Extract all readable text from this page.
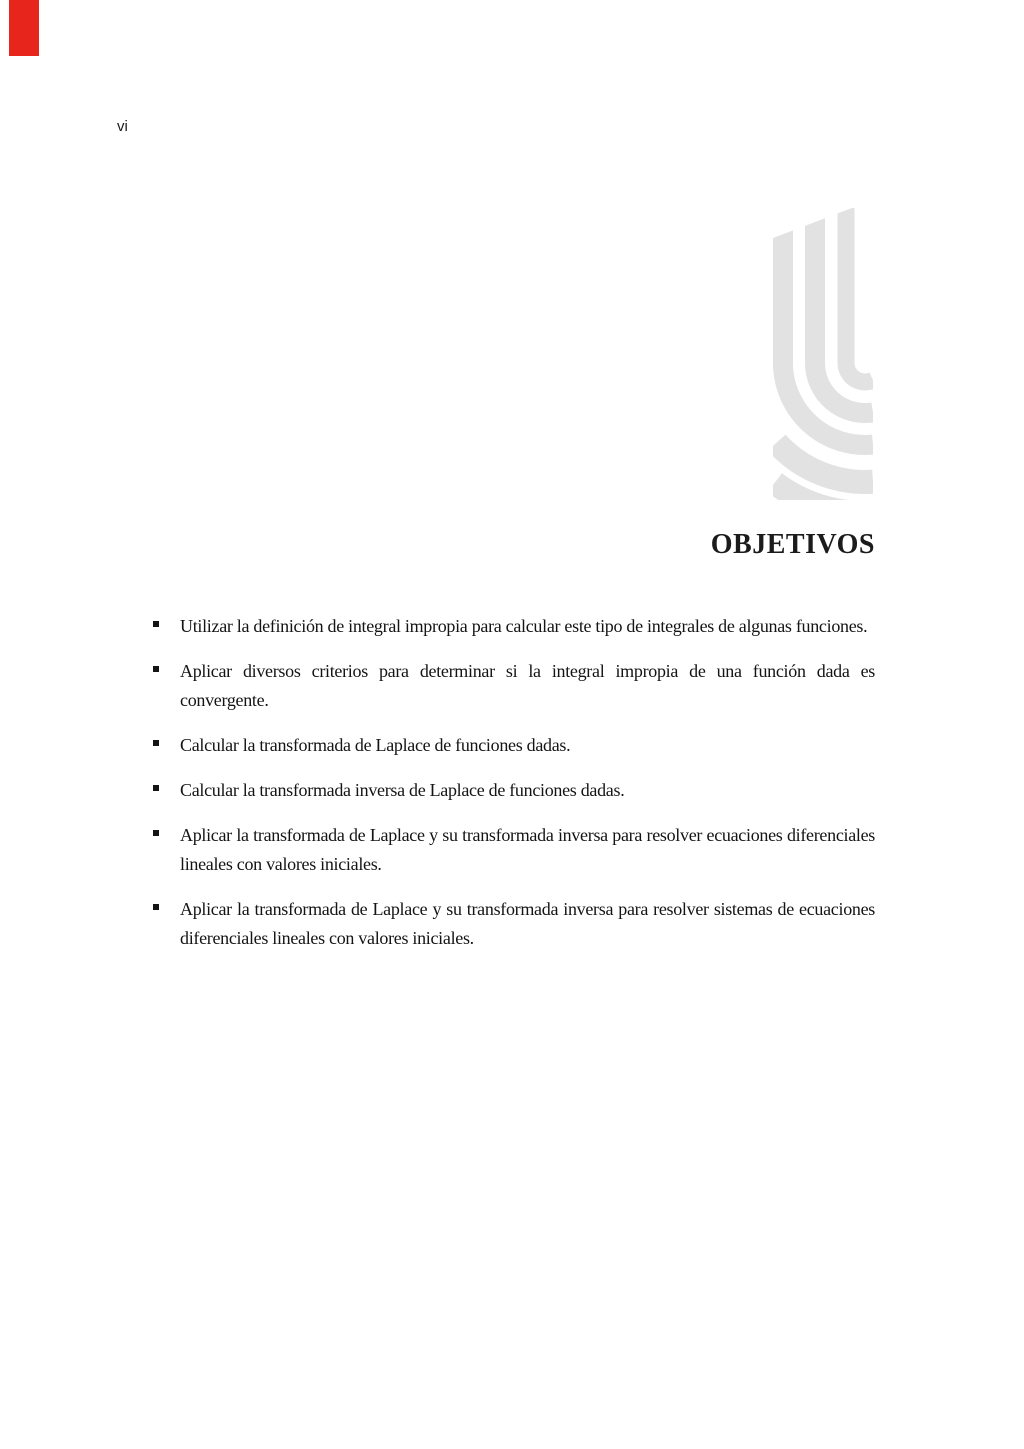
vi
OBJETIVOS
Utilizar la definición de integral impropia para calcular este tipo de integrales de algunas funciones.
Aplicar diversos criterios para determinar si la integral impropia de una función dada es convergente.
Calcular la transformada de Laplace de funciones dadas.
Calcular la transformada inversa de Laplace de funciones dadas.
Aplicar la transformada de Laplace y su transformada inversa para resolver ecuaciones diferenciales lineales con valores iniciales.
Aplicar la transformada de Laplace y su transformada inversa para resolver sistemas de ecuaciones diferenciales lineales con valores iniciales.
